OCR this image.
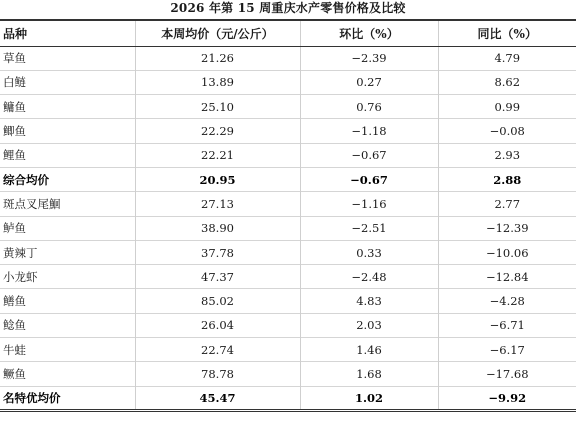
2026 年第 15 周重庆水产零售价格及比较
品种	本周均价（元/公斤）	环比（%）	同比（%）
草鱼	21.26	−2.39	4.79
白鲢	13.89	0.27	8.62
鳙鱼	25.10	0.76	0.99
鲫鱼	22.29	−1.18	−0.08
鲤鱼	22.21	−0.67	2.93
综合均价	20.95	−0.67	2.88
斑点叉尾鮰	27.13	−1.16	2.77
鲈鱼	38.90	−2.51	−12.39
黄辣丁	37.78	0.33	−10.06
小龙虾	47.37	−2.48	−12.84
鳝鱼	85.02	4.83	−4.28
鲶鱼	26.04	2.03	−6.71
牛蛙	22.74	1.46	−6.17
鳜鱼	78.78	1.68	−17.68
名特优均价	45.47	1.02	−9.92
